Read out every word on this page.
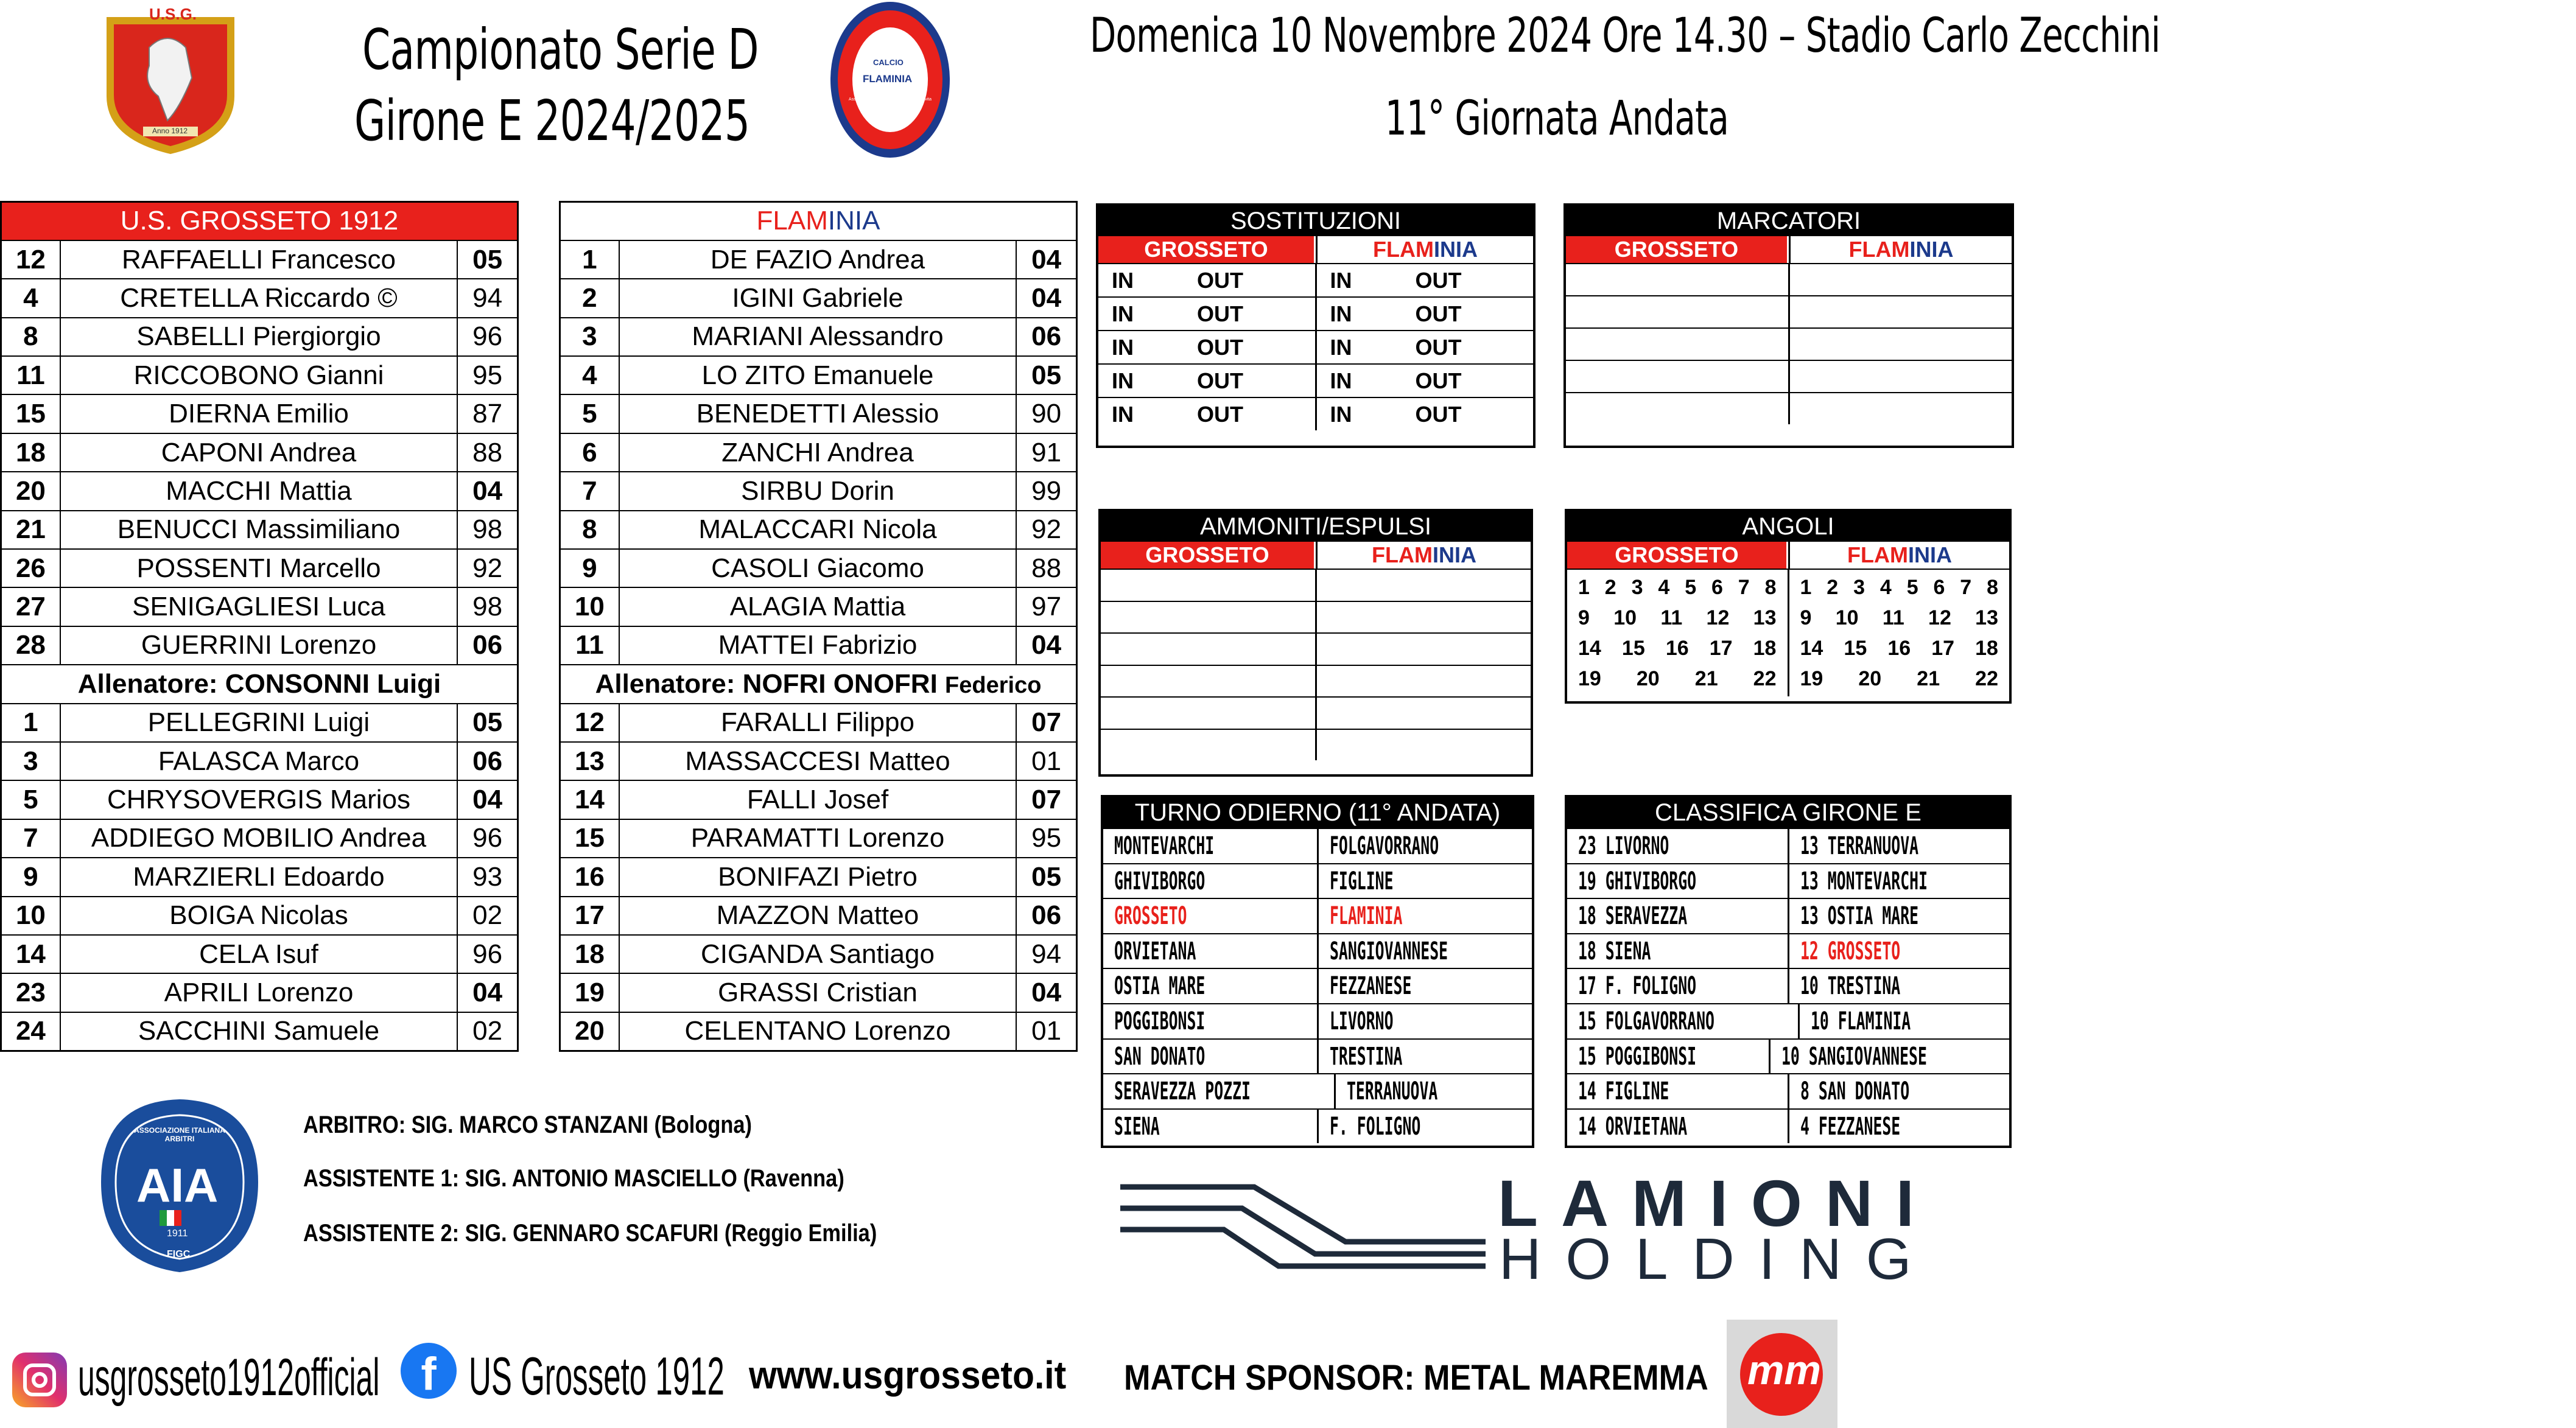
U.S.G.
Anno 1912
Campionato Serie D
Girone E 2024/2025
CALCIO
FLAMINIA
Associazione Sportiva Dilettantistica · Civita Castellana 1921
Domenica 10 Novembre 2024 Ore 14.30 – Stadio Carlo Zecchini
11° Giornata Andata
U.S. GROSSETO 1912		
12	RAFFAELLI Francesco	05
4	CRETELLA Riccardo ©	94
8	SABELLI Piergiorgio	96
11	RICCOBONO Gianni	95
15	DIERNA Emilio	87
18	CAPONI Andrea	88
20	MACCHI Mattia	04
21	BENUCCI Massimiliano	98
26	POSSENTI Marcello	92
27	SENIGAGLIESI Luca	98
28	GUERRINI Lorenzo	06
Allenatore: CONSONNI Luigi		
1	PELLEGRINI Luigi	05
3	FALASCA Marco	06
5	CHRYSOVERGIS Marios	04
7	ADDIEGO MOBILIO Andrea	96
9	MARZIERLI Edoardo	93
10	BOIGA Nicolas	02
14	CELA Isuf	96
23	APRILI Lorenzo	04
24	SACCHINI Samuele	02
FLAMINIA		
1	DE FAZIO Andrea	04
2	IGINI Gabriele	04
3	MARIANI Alessandro	06
4	LO ZITO Emanuele	05
5	BENEDETTI Alessio	90
6	ZANCHI Andrea	91
7	SIRBU Dorin	99
8	MALACCARI Nicola	92
9	CASOLI Giacomo	88
10	ALAGIA Mattia	97
11	MATTEI Fabrizio	04
Allenatore: NOFRI ONOFRI Federico		
12	FARALLI Filippo	07
13	MASSACCESI Matteo	01
14	FALLI Josef	07
15	PARAMATTI Lorenzo	95
16	BONIFAZI Pietro	05
17	MAZZON Matteo	06
18	CIGANDA Santiago	94
19	GRASSI Cristian	04
20	CELENTANO Lorenzo	01
SOSTITUZIONI
GROSSETO	FLAMINIA
IN	OUT	IN	OUT
IN	OUT	IN	OUT
IN	OUT	IN	OUT
IN	OUT	IN	OUT
IN	OUT	IN	OUT
MARCATORI
GROSSETO	FLAMINIA
AMMONITI/ESPULSI
GROSSETO	FLAMINIA
ANGOLI
GROSSETO	FLAMINIA
1 2 3 4 5 6 7 8
9 10 11 12 13
14 15 16 17 18
19 20 21 22
1 2 3 4 5 6 7 8
9 10 11 12 13
14 15 16 17 18
19 20 21 22
TURNO ODIERNO (11° ANDATA)
MONTEVARCHI	FOLGAVORRANO
GHIVIBORGO	FIGLINE
GROSSETO	FLAMINIA
ORVIETANA	SANGIOVANNESE
OSTIA MARE	FEZZANESE
POGGIBONSI	LIVORNO
SAN DONATO	TRESTINA
SERAVEZZA POZZI	TERRANUOVA
SIENA	F. FOLIGNO
CLASSIFICA GIRONE E
23 LIVORNO	13 TERRANUOVA
19 GHIVIBORGO	13 MONTEVARCHI
18 SERAVEZZA	13 OSTIA MARE
18 SIENA	12 GROSSETO
17 F. FOLIGNO	10 TRESTINA
15 FOLGAVORRANO	10 FLAMINIA
15 POGGIBONSI	10 SANGIOVANNESE
14 FIGLINE	8 SAN DONATO
14 ORVIETANA	4 FEZZANESE
AIA
ASSOCIAZIONE ITALIANA ARBITRI
1911
FIGC
ARBITRO: SIG. MARCO STANZANI (Bologna)
ASSISTENTE 1: SIG. ANTONIO MASCIELLO (Ravenna)
ASSISTENTE 2: SIG. GENNARO SCAFURI (Reggio Emilia)	LAMIONI
HOLDING
usgrosseto1912official f US Grosseto 1912 www.usgrosseto.it	MATCH SPONSOR: METAL MAREMMA mm
